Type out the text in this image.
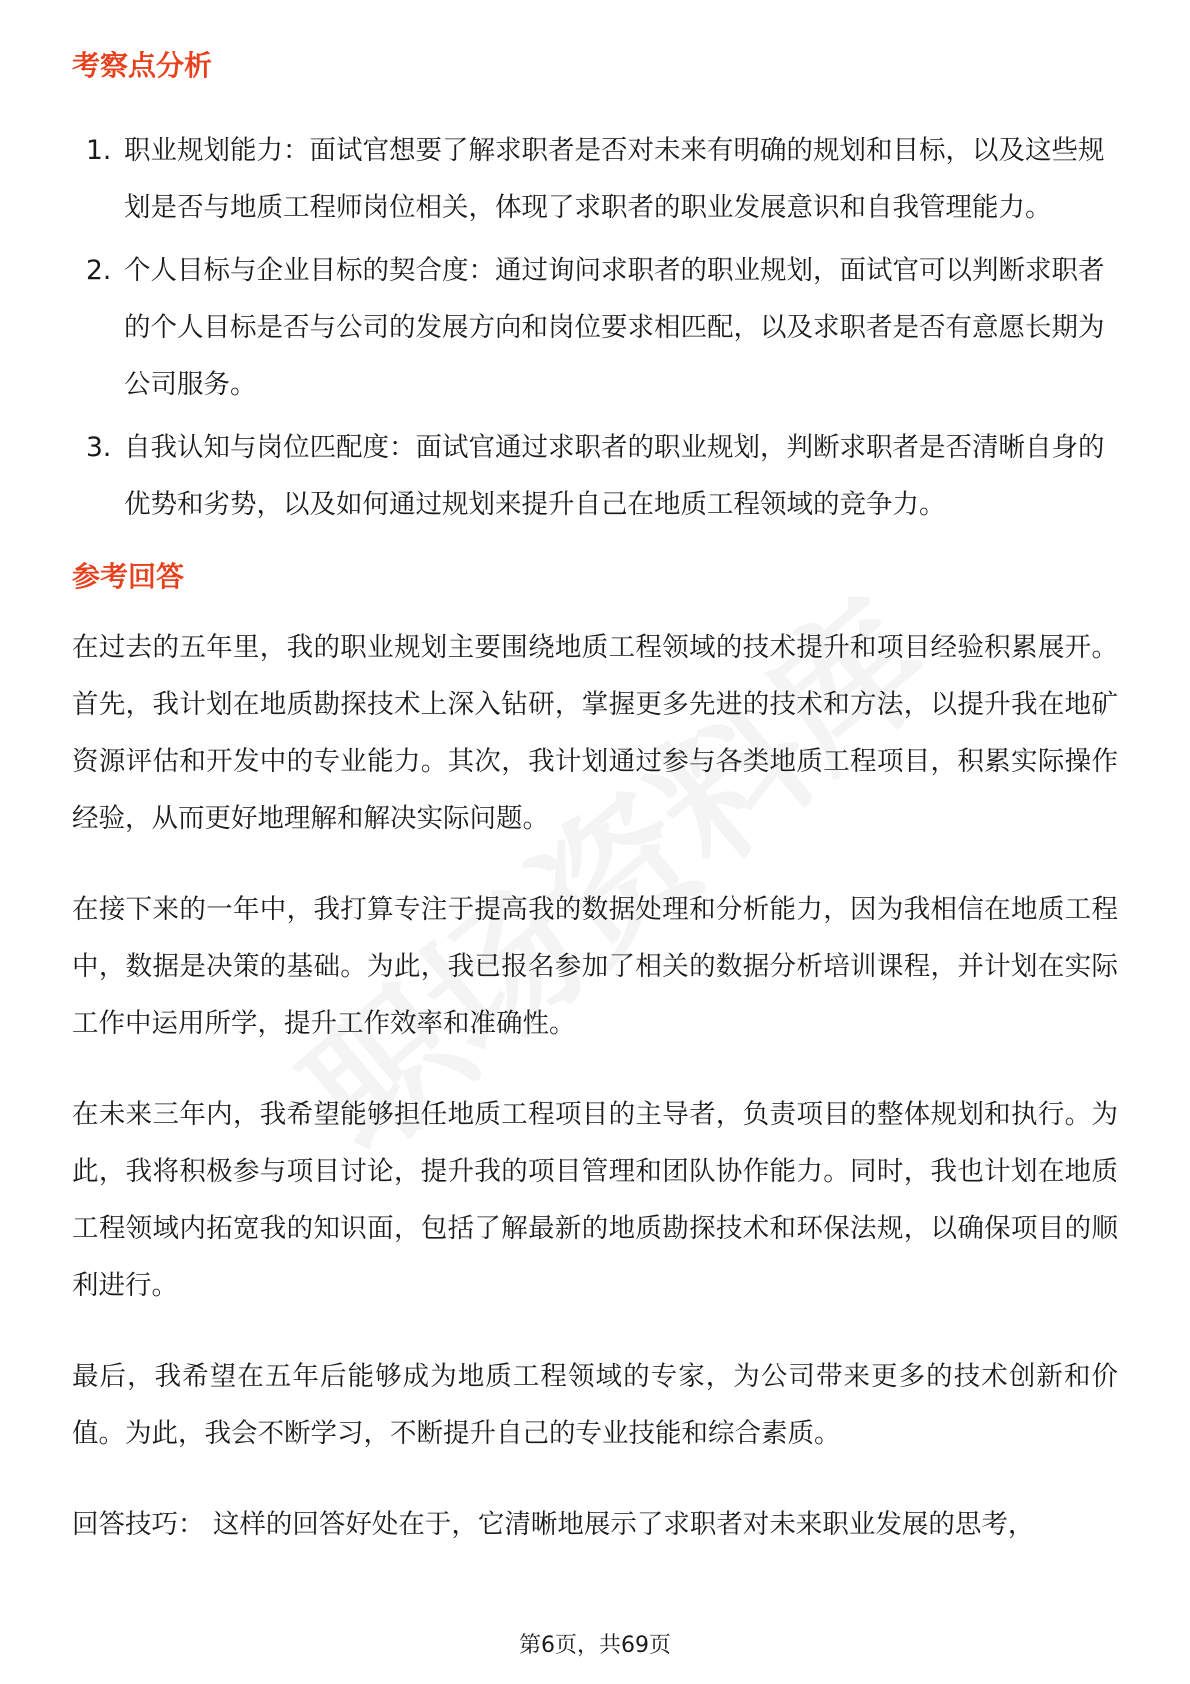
考察点分析
1. 职业规划能力：面试官想要了解求职者是否对未来有明确的规划和目标，以及这些规划是否与地质工程师岗位相关，体现了求职者的职业发展意识和自我管理能力。
2. 个人目标与企业目标的契合度：通过询问求职者的职业规划，面试官可以判断求职者的个人目标是否与公司的发展方向和岗位要求相匹配，以及求职者是否有意愿长期为公司服务。
3. 自我认知与岗位匹配度：面试官通过求职者的职业规划，判断求职者是否清晰自身的优势和劣势，以及如何通过规划来提升自己在地质工程领域的竞争力。
参考回答

在过去的五年里，我的职业规划主要围绕地质工程领域的技术提升和项目经验积累展开。首先，我计划在地质勘探技术上深入钻研，掌握更多先进的技术和方法，以提升我在地矿资源评估和开发中的专业能力。其次，我计划通过参与各类地质工程项目，积累实际操作经验，从而更好地理解和解决实际问题。

在接下来的一年中，我打算专注于提高我的数据处理和分析能力，因为我相信在地质工程中，数据是决策的基础。为此，我已报名参加了相关的数据分析培训课程，并计划在实际工作中运用所学，提升工作效率和准确性。

在未来三年内，我希望能够担任地质工程项目的主导者，负责项目的整体规划和执行。为此，我将积极参与项目讨论，提升我的项目管理和团队协作能力。同时，我也计划在地质工程领域内拓宽我的知识面，包括了解最新的地质勘探技术和环保法规，以确保项目的顺利进行。

最后，我希望在五年后能够成为地质工程领域的专家，为公司带来更多的技术创新和价值。为此，我会不断学习，不断提升自己的专业技能和综合素质。

回答技巧： 这样的回答好处在于，它清晰地展示了求职者对未来职业发展的思考，

第6页，共69页
